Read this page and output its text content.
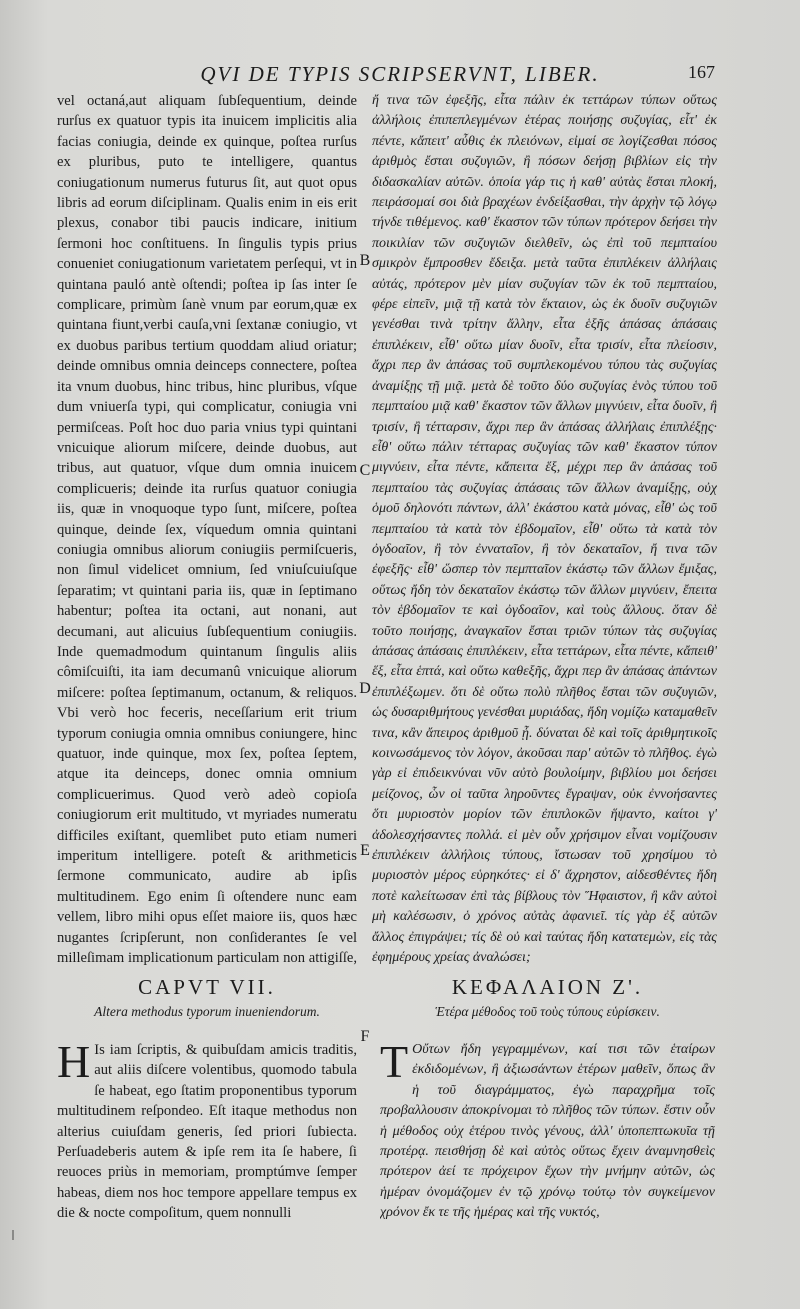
QVI DE TYPIS SCRIPSERVNT, LIBER.	167

vel octaná,aut aliquam ſubſequentium, deinde rurſus ex quatuor typis ita inuicem implicitis alia facias coniugia, deinde ex quinque, poſtea rurſus ex pluribus, puto te intelligere, quantus coniugationum numerus futurus ſit, aut quot opus libris ad eorum diſciplinam. Qualis enim in eis erit plexus, conabor tibi paucis indicare, initium ſermoni hoc conſtituens. In ſingulis typis prius conueniet coniugationum varietatem perſequi, vt in quintana pauló antè oſtendi; poſtea ip ſas inter ſe complicare, primùm ſanè vnum par eorum,quæ ex quintana fiunt,verbi cauſa,vni ſextanæ coniugio, vt ex duobus paribus tertium quoddam aliud oriatur; deinde omnibus omnia deinceps connectere, poſtea ita vnum duobus, hinc tribus, hinc pluribus, vſque dum vniuerſa typi, qui complicatur, coniugia vni permiſceas. Poſt hoc duo paria vnius typi quintani vnicuique aliorum miſcere, deinde duobus, aut tribus, aut quatuor, vſque dum omnia inuicem complicueris; deinde ita rurſus quatuor coniugia iis, quæ in vnoquoque typo ſunt, miſcere, poſtea quinque, deinde ſex, víquedum omnia quintani coniugia omnibus aliorum coniugiis permiſcueris, non ſimul videlicet omnium, ſed vniuſcuiuſque ſeparatim; vt quintani paria iis, quæ in ſeptimano habentur; poſtea ita octani, aut nonani, aut decumani, aut alicuius ſubſequentium coniugiis. Inde quemadmodum quintanum ſingulis aliis cômiſcuiſti, ita iam decumanû vnicuique aliorum miſcere: poſtea ſeptimanum, octanum, & reliquos. Vbi verò hoc feceris, neceſſarium erit trium typorum coniugia omnia omnibus coniungere, hinc quatuor, inde quinque, mox ſex, poſtea ſeptem, atque ita deinceps, donec omnia omnium complicuerimus. Quod verò adeò copioſa coniugiorum erit multitudo, vt myriades numeratu difficiles exiſtant, quemlibet puto etiam numeri imperitum intelligere. poteſt & arithmeticis ſermone communicato, audire ab ipſis multitudinem. Ego enim ſi oſtendere nunc eam vellem, libro mihi opus eſſet maiore iis, quos hæc nugantes ſcripſerunt, non conſiderantes ſe vel milleſimam implicationum particulam non attigiſſe,

ἤ τινα τῶν ἐφεξῆς, εἶτα πάλιν ἐκ τεττάρων τύπων οὕτως ἀλλήλοις ἐπιπεπλεγμένων ἑτέρας ποιήσῃς συζυγίας, εἶτ' ἐκ πέντε, κἄπειτ' αὖθις ἐκ πλειόνων, εἰμαί σε λογίζεσθαι πόσος ἀριθμὸς ἔσται συζυγιῶν, ἢ πόσων δεήσῃ βιβλίων εἰς τὴν διδασκαλίαν αὐτῶν. ὁποία γάρ τις ἡ καθ' αὐτὰς ἔσται πλοκή, πειράσομαί σοι διὰ βραχέων ἐνδείξασθαι, τὴν ἀρχὴν τῷ λόγῳ τήνδε τιθέμενος. καθ' ἕκαστον τῶν τύπων πρότερον δεήσει τὴν ποικιλίαν τῶν συζυγιῶν διελθεῖν, ὡς ἐπὶ τοῦ πεμπταίου σμικρὸν ἔμπροσθεν ἔδειξα. μετὰ ταῦτα ἐπιπλέκειν ἀλλήλαις αὐτάς, πρότερον μὲν μίαν συζυγίαν τῶν ἐκ τοῦ πεμπταίου, φέρε εἰπεῖν, μιᾷ τῇ κατὰ τὸν ἕκταιον, ὡς ἐκ δυοῖν συζυγιῶν γενέσθαι τινὰ τρίτην ἄλλην, εἶτα ἑξῆς ἁπάσας ἁπάσαις ἐπιπλέκειν, εἶθ' οὕτω μίαν δυοῖν, εἶτα τρισίν, εἶτα πλείοσιν, ἄχρι περ ἂν ἁπάσας τοῦ συμπλεκομένου τύπου τὰς συζυγίας ἀναμίξῃς τῇ μιᾷ. μετὰ δὲ τοῦτο δύο συζυγίας ἑνὸς τύπου τοῦ πεμπταίου μιᾷ καθ' ἕκαστον τῶν ἄλλων μιγνύειν, εἶτα δυοῖν, ἢ τρισίν, ἢ τέτταρσιν, ἄχρι περ ἂν ἁπάσας ἀλλήλαις ἐπιπλέξῃς· εἶθ' οὕτω πάλιν τέτταρας συζυγίας τῶν καθ' ἕκαστον τύπον μιγνύειν, εἶτα πέντε, κἄπειτα ἕξ, μέχρι περ ἂν ἁπάσας τοῦ πεμπταίου τὰς συζυγίας ἁπάσαις τῶν ἄλλων ἀναμίξῃς, οὐχ ὁμοῦ δηλονότι πάντων, ἀλλ' ἑκάστου κατὰ μόνας, εἶθ' ὡς τοῦ πεμπταίου τὰ κατὰ τὸν ἑβδομαῖον, εἶθ' οὕτω τὰ κατὰ τὸν ὀγδοαῖον, ἢ τὸν ἐνναταῖον, ἢ τὸν δεκαταῖον, ἤ τινα τῶν ἐφεξῆς· εἶθ' ὥσπερ τὸν πεμπταῖον ἑκάστῳ τῶν ἄλλων ἔμιξας, οὕτως ἤδη τὸν δεκαταῖον ἑκάστῳ τῶν ἄλλων μιγνύειν, ἔπειτα τὸν ἑβδομαῖον τε καὶ ὀγδοαῖον, καὶ τοὺς ἄλλους. ὅταν δὲ τοῦτο ποιήσῃς, ἀναγκαῖον ἔσται τριῶν τύπων τὰς συζυγίας ἁπάσας ἁπάσαις ἐπιπλέκειν, εἶτα τεττάρων, εἶτα πέντε, κἄπειθ' ἕξ, εἶτα ἑπτά, καὶ οὕτω καθεξῆς, ἄχρι περ ἂν ἁπάσας ἁπάντων ἐπιπλέξωμεν. ὅτι δὲ οὕτω πολὺ πλῆθος ἔσται τῶν συζυγιῶν, ὡς δυσαριθμήτους γενέσθαι μυριάδας, ἤδη νομίζω καταμαθεῖν τινα, κἂν ἄπειρος ἀριθμοῦ ᾖ. δύναται δὲ καὶ τοῖς ἀριθμητικοῖς κοινωσάμενος τὸν λόγον, ἀκοῦσαι παρ' αὐτῶν τὸ πλῆθος. ἐγὼ γὰρ εἰ ἐπιδεικνύναι νῦν αὐτὸ βουλοίμην, βιβλίου μοι δεήσει μείζονος, ὧν οἱ ταῦτα ληροῦντες ἔγραψαν, οὐκ ἐννοήσαντες ὅτι μυριοστὸν μορίον τῶν ἐπιπλοκῶν ἥψαντο, καίτοι γ' ἀδολεσχήσαντες πολλά. εἰ μὲν οὖν χρήσιμον εἶναι νομίζουσιν ἐπιπλέκειν ἀλλήλοις τύπους, ἴστωσαν τοῦ χρησίμου τὸ μυριοστὸν μέρος εὑρηκότες· εἰ δ' ἄχρηστον, αἰδεσθέντες ἤδη ποτὲ καλείτωσαν ἐπὶ τὰς βίβλους τὸν Ἥφαιστον, ἢ κἂν αὐτοὶ μὴ καλέσωσιν, ὁ χρόνος αὐτὰς ἀφανιεῖ. τίς γὰρ ἐξ αὐτῶν ἄλλος ἐπιγράψει; τίς δὲ οὐ καὶ ταύτας ἤδη κατατεμὼν, εἰς τὰς ἐφημέρους χρείας ἀναλώσει;

B
C
D
E
F
CAPVT VII.
Altera methodus typorum inueniendorum.
ΚΕΦΑΛΑΙΟΝ Ζ'.
Ἑτέρα μέθοδος τοῦ τοὺς τύπους εὑρίσκειν.
H Is iam ſcriptis, & quibuſdam amicis traditis, aut aliis diſcere volentibus, quomodo tabula ſe habeat, ego ſtatim proponentibus typorum multitudinem reſpondeo. Eſt itaque methodus non alterius cuiuſdam generis, ſed priori ſubiecta. Perſuadeberis autem & ipſe rem ita ſe habere, ſi reuoces priùs in memoriam, promptúmve ſemper habeas, diem nos hoc tempore appellare tempus ex die & nocte compoſitum, quem nonnulli
Τ Οὔτων ἤδη γεγραμμένων, καί τισι τῶν ἑταίρων ἐκδιδομένων, ἢ ἀξιωσάντων ἑτέρων μαθεῖν, ὅπως ἂν ἡ τοῦ διαγράμματος, ἐγὼ παραχρῆμα τοῖς προβαλλουσιν ἀποκρίνομαι τὸ πλῆθος τῶν τύπων. ἔστιν οὖν ἡ μέθοδος οὐχ ἑτέρου τινὸς γένους, ἀλλ' ὑποπεπτωκυῖα τῇ προτέρᾳ. πεισθήσῃ δὲ καὶ αὐτὸς οὕτως ἔχειν ἀναμνησθεὶς πρότερον ἀεί τε πρόχειρον ἔχων τὴν μνήμην αὐτῶν, ὡς ἡμέραν ὀνομάζομεν ἐν τῷ χρόνῳ τούτῳ τὸν συγκείμενον χρόνον ἔκ τε τῆς ἡμέρας καὶ τῆς νυκτός,
